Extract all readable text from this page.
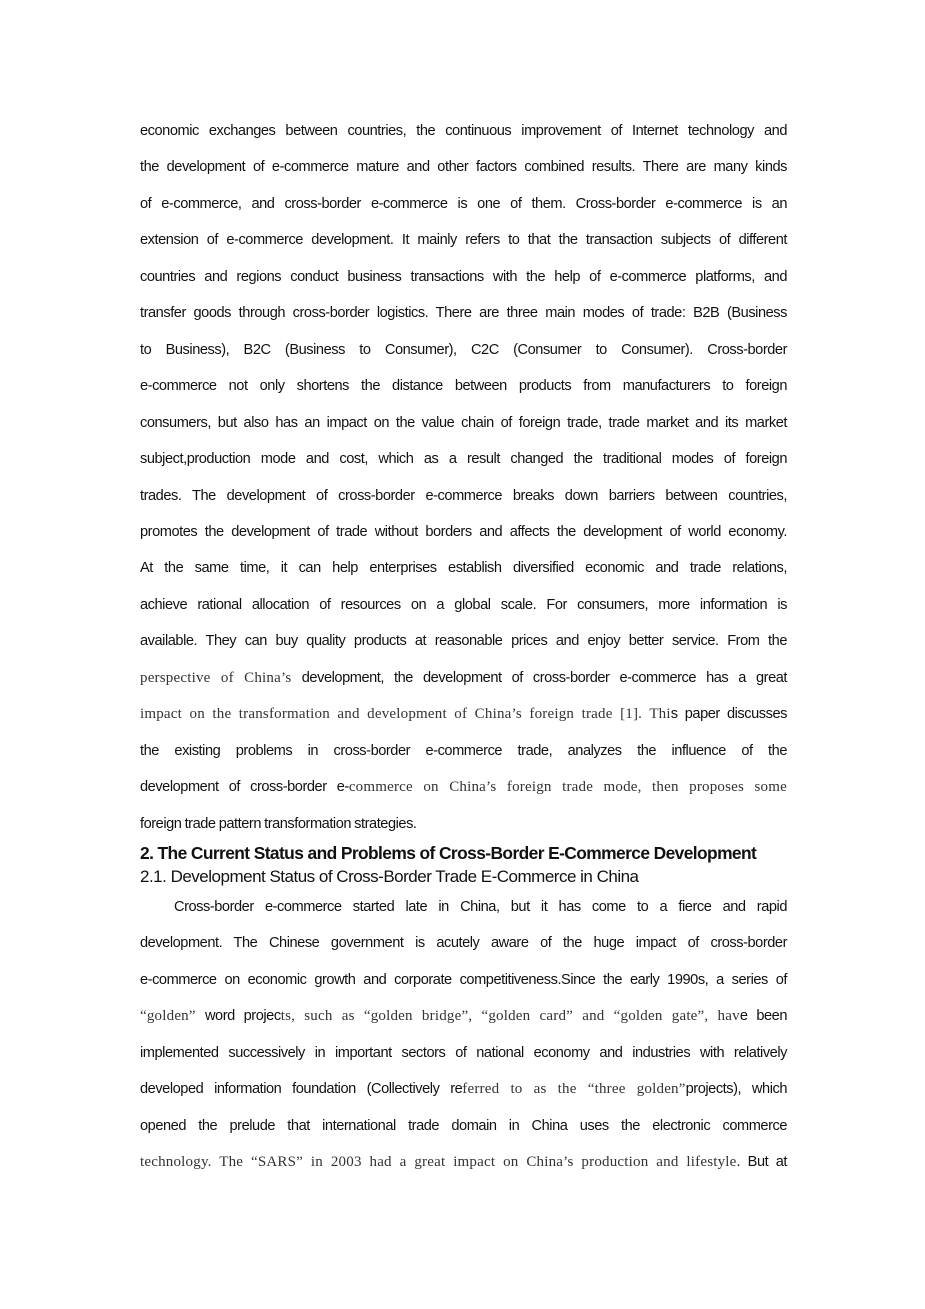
economic exchanges between countries, the continuous improvement of Internet technology and
the development of e-commerce mature and other factors combined results. There are many kinds
of e-commerce, and cross-border e-commerce is one of them. Cross-border e-commerce is an
extension of e-commerce development. It mainly refers to that the transaction subjects of different
countries and regions conduct business transactions with the help of e-commerce platforms, and
transfer goods through cross-border logistics. There are three main modes of trade: B2B (Business
to Business), B2C (Business to Consumer), C2C (Consumer to Consumer). Cross-border
e-commerce not only shortens the distance between products from manufacturers to foreign
consumers, but also has an impact on the value chain of foreign trade, trade market and its market
subject,production mode and cost, which as a result changed the traditional modes of foreign
trades. The development of cross-border e-commerce breaks down barriers between countries,
promotes the development of trade without borders and affects the development of world economy.
At the same time, it can help enterprises establish diversified economic and trade relations,
achieve rational allocation of resources on a global scale. For consumers, more information is
available. They can buy quality products at reasonable prices and enjoy better service. From the
perspective of China’s development, the development of cross-border e-commerce has a great
impact on the transformation and development of China’s foreign trade [1]. This paper discusses
the existing problems in cross-border e-commerce trade, analyzes the influence of the
development of cross-border e-commerce on China’s foreign trade mode, then proposes some
foreign trade pattern transformation strategies.
2. The Current Status and Problems of Cross-Border E-Commerce Development
2.1. Development Status of Cross-Border Trade E-Commerce in China
Cross-border e-commerce started late in China, but it has come to a fierce and rapid
development. The Chinese government is acutely aware of the huge impact of cross-border
e-commerce on economic growth and corporate competitiveness.Since the early 1990s, a series of
“golden” word projects, such as “golden bridge”, “golden card” and “golden gate”, have been
implemented successively in important sectors of national economy and industries with relatively
developed information foundation (Collectively referred to as the “three golden”projects), which
opened the prelude that international trade domain in China uses the electronic commerce
technology. The “SARS” in 2003 had a great impact on China’s production and lifestyle. But at
